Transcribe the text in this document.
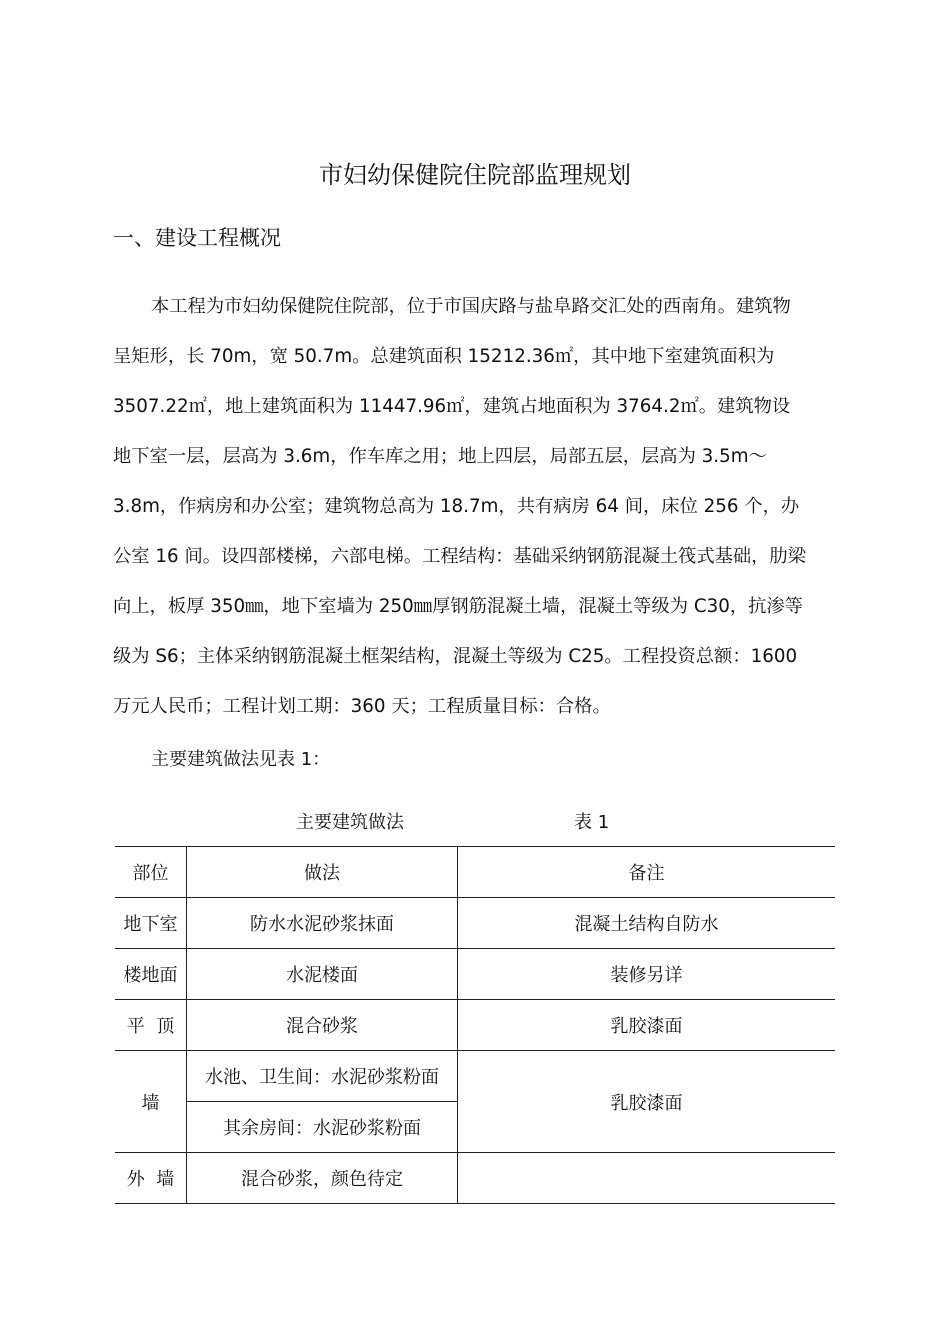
市妇幼保健院住院部监理规划
一、建设工程概况
本工程为市妇幼保健院住院部，位于市国庆路与盐阜路交汇处的西南角。建筑物
呈矩形，长 70m，宽 50.7m。总建筑面积 15212.36㎡，其中地下室建筑面积为
3507.22㎡，地上建筑面积为 11447.96㎡，建筑占地面积为 3764.2㎡。建筑物设
地下室一层，层高为 3.6m，作车库之用；地上四层，局部五层，层高为 3.5m～
3.8m，作病房和办公室；建筑物总高为 18.7m，共有病房 64 间，床位 256 个，办
公室 16 间。设四部楼梯，六部电梯。工程结构：基础采纳钢筋混凝土筏式基础，肋梁
向上，板厚 350㎜，地下室墙为 250㎜厚钢筋混凝土墙，混凝土等级为 C30，抗渗等
级为 S6；主体采纳钢筋混凝土框架结构，混凝土等级为 C25。工程投资总额：1600
万元人民币；工程计划工期：360 天；工程质量目标：合格。
主要建筑做法见表 1：
主要建筑做法	表 1
部位	做法	备注
地下室	防水水泥砂浆抹面	混凝土结构自防水
楼地面	水泥楼面	装修另详
平  顶	混合砂浆	乳胶漆面
墙	水池、卫生间：水泥砂浆粉面	乳胶漆面
	其余房间：水泥砂浆粉面	
外  墙	混合砂浆，颜色待定	
